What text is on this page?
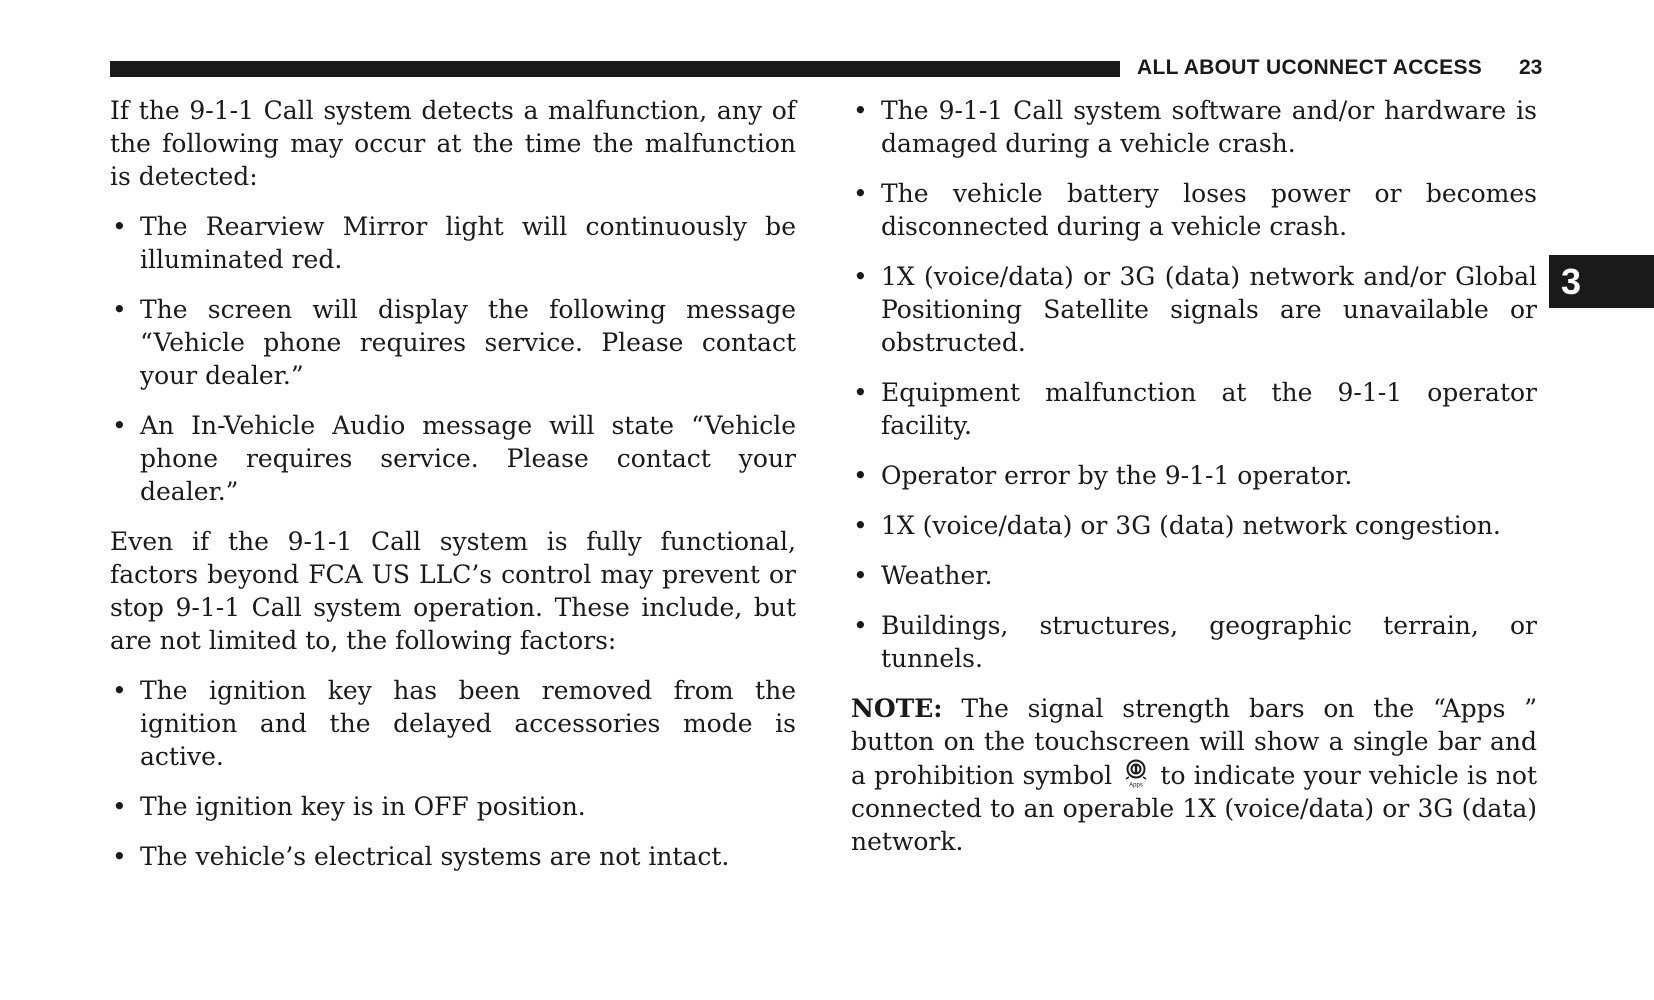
ALL ABOUT UCONNECT ACCESS 23
3

If the 9-1-1 Call system detects a malfunction, any of the following may occur at the time the malfunction is detected:

• The Rearview Mirror light will continuously be illuminated red.
• The screen will display the following message “Vehicle phone requires service. Please contact your dealer.”
• An In-Vehicle Audio message will state “Vehicle phone requires service. Please contact your dealer.”

Even if the 9-1-1 Call system is fully functional, factors beyond FCA US LLC’s control may prevent or stop 9-1-1 Call system operation. These include, but are not limited to, the following factors:

• The ignition key has been removed from the ignition and the delayed accessories mode is active.
• The ignition key is in OFF position.
• The vehicle’s electrical systems are not intact.
• The 9-1-1 Call system software and/or hardware is damaged during a vehicle crash.
• The vehicle battery loses power or becomes disconnected during a vehicle crash.
• 1X (voice/data) or 3G (data) network and/or Global Positioning Satellite signals are unavailable or obstructed.
• Equipment malfunction at the 9-1-1 operator facility.
• Operator error by the 9-1-1 operator.
• 1X (voice/data) or 3G (data) network congestion.
• Weather.
• Buildings, structures, geographic terrain, or tunnels.

NOTE: The signal strength bars on the “Apps ” button on the touchscreen will show a single bar and a prohibition symbol	Apps to indicate your vehicle is not connected to an operable 1X (voice/data) or 3G (data) network.
